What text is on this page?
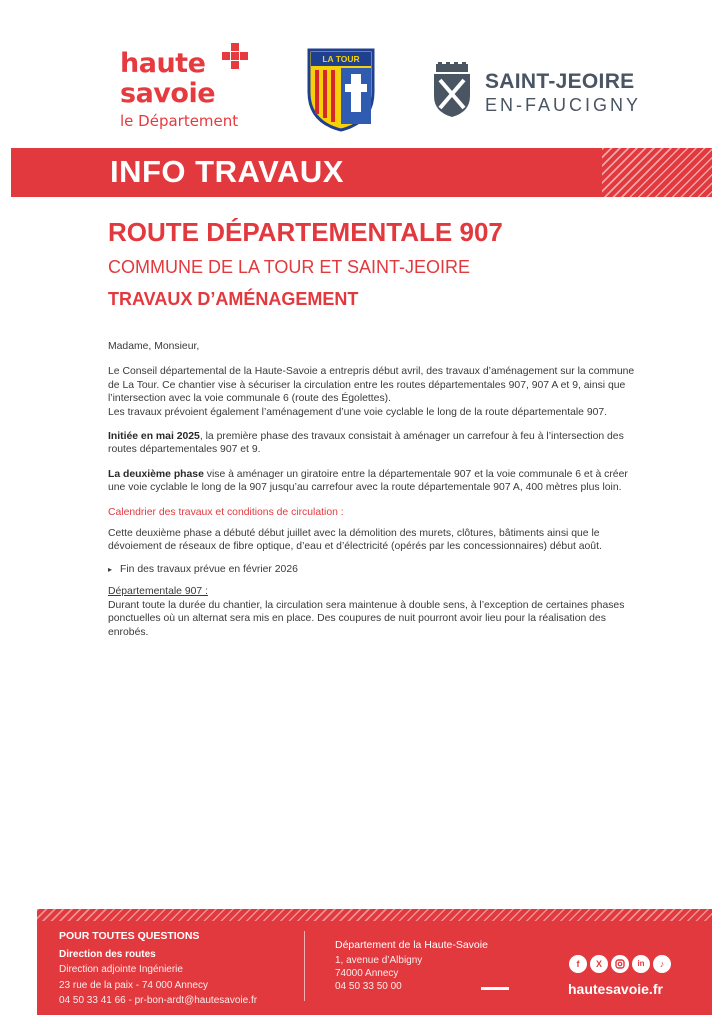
haute
savoie
le Département
LA TOUR
SAINT-JEOIRE
EN-FAUCIGNY
INFO TRAVAUX
ROUTE DÉPARTEMENTALE 907
COMMUNE DE LA TOUR ET SAINT-JEOIRE
TRAVAUX D’AMÉNAGEMENT

Madame, Monsieur,

Le Conseil départemental de la Haute-Savoie a entrepris début avril, des travaux d’aménagement sur la commune de La Tour. Ce chantier vise à sécuriser la circulation entre les routes départementales 907, 907 A et 9, ainsi que l’intersection avec la voie communale 6 (route des Égolettes).

Les travaux prévoient également l’aménagement d’une voie cyclable le long de la route départementale 907.

Initiée en mai 2025, la première phase des travaux consistait à aménager un carrefour à feu à l’intersection des routes départementales 907 et 9.

La deuxième phase vise à aménager un giratoire entre la départementale 907 et la voie communale 6 et à créer une voie cyclable le long de la 907 jusqu’au carrefour avec la route départementale 907 A, 400 mètres plus loin.

Calendrier des travaux et conditions de circulation :

Cette deuxième phase a débuté début juillet avec la démolition des murets, clôtures, bâtiments ainsi que le dévoiement de réseaux de fibre optique, d’eau et d’électricité (opérés par les concessionnaires) début août.

▸ Fin des travaux prévue en février 2026

Départementale 907 :

Durant toute la durée du chantier, la circulation sera maintenue à double sens, à l’exception de certaines phases ponctuelles où un alternat sera mis en place. Des coupures de nuit pourront avoir lieu pour la réalisation des enrobés.

POUR TOUTES QUESTIONS
Direction des routes
Direction adjointe Ingénierie
23 rue de la paix - 74 000 Annecy
04 50 33 41 66 - pr-bon-ardt@hautesavoie.fr
Département de la Haute-Savoie
1, avenue d’Albigny
74000 Annecy
04 50 33 50 00
f	X	in	♪
hautesavoie.fr
